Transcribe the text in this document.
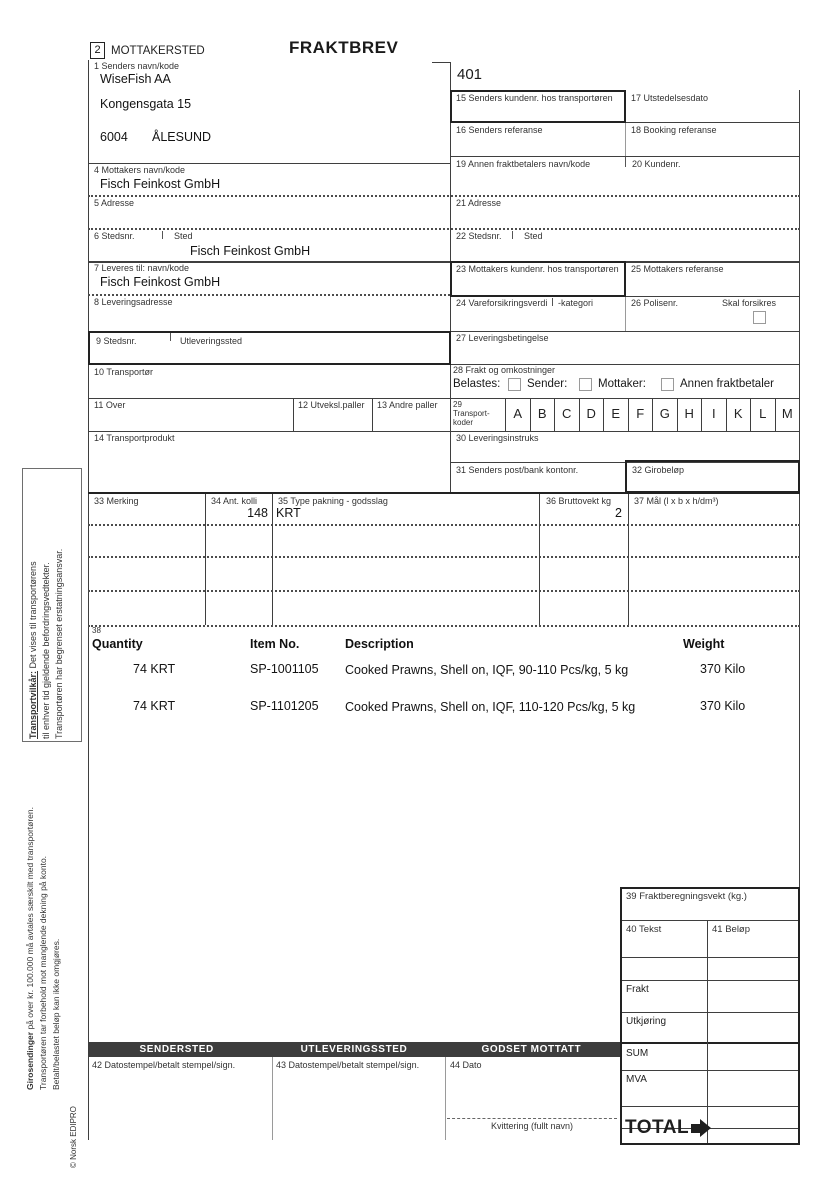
2 MOTTAKERSTED	FRAKTBREV
401
1 Senders navn/kode
WiseFish AA
Kongensgata 15
6004 ÅLESUND
4 Mottakers navn/kode
Fisch Feinkost GmbH
5 Adresse
6 Stedsnr.	Sted
Fisch Feinkost GmbH
7 Leveres til: navn/kode
Fisch Feinkost GmbH
8 Leveringsadresse
9 Stedsnr.	Utleveringssted
10 Transportør
11 Over	12 Utveksl.paller 13 Andre paller
14 Transportprodukt
15 Senders kundenr. hos transportøren 17 Utstedelsesdato
16 Senders referanse	18 Booking referanse
19 Annen fraktbetalers navn/kode	20 Kundenr.
21 Adresse
22 Stedsnr. Sted
23 Mottakers kundenr. hos transportøren 25 Mottakers referanse
24 Vareforsikringsverdi -kategori	26 Polisenr.	Skal forsikres
27 Leveringsbetingelse
28 Frakt og omkostninger
Belastes: Sender:	Mottaker:	Annen fraktbetaler
29
Transport-
koder
A	B	C	D	E	F	G	H	I	K	L	M
30 Leveringsinstruks
31 Senders post/bank kontonr.	32 Girobeløp
33 Merking	34 Ant. kolli
148
35 Type pakning - godsslag
KRT
36 Bruttovekt kg
2
37 Mål (l x b x h/dm³)
38
Quantity	Item No.	Description	Weight
74 KRT	SP-1001105 Cooked Prawns, Shell on, IQF, 90-110 Pcs/kg, 5 kg	370 Kilo
74 KRT	SP-1101205 Cooked Prawns, Shell on, IQF, 110-120 Pcs/kg, 5 kg	370 Kilo
39 Fraktberegningsvekt (kg.)
40 Tekst	41 Beløp
Frakt
Utkjøring
SUM
MVA
TOTAL
SENDERSTED	UTLEVERINGSSTED	GODSET MOTTATT
42 Datostempel/betalt stempel/sign.	43 Datostempel/betalt stempel/sign.	44 Dato
Kvittering (fullt navn)
Transportvilkår: Det vises til transportørens til enhver tid gjeldende befordringsvedtekter. Transportøren har begrenset erstatningsansvar.
Girosendinger på over kr. 100.000 må avtales særskilt med transportøren. Transportøren tar forbehold mot manglende dekning på konto. Betalt/belastet beløp kan ikke omgjøres.
© Norsk EDIPRO
